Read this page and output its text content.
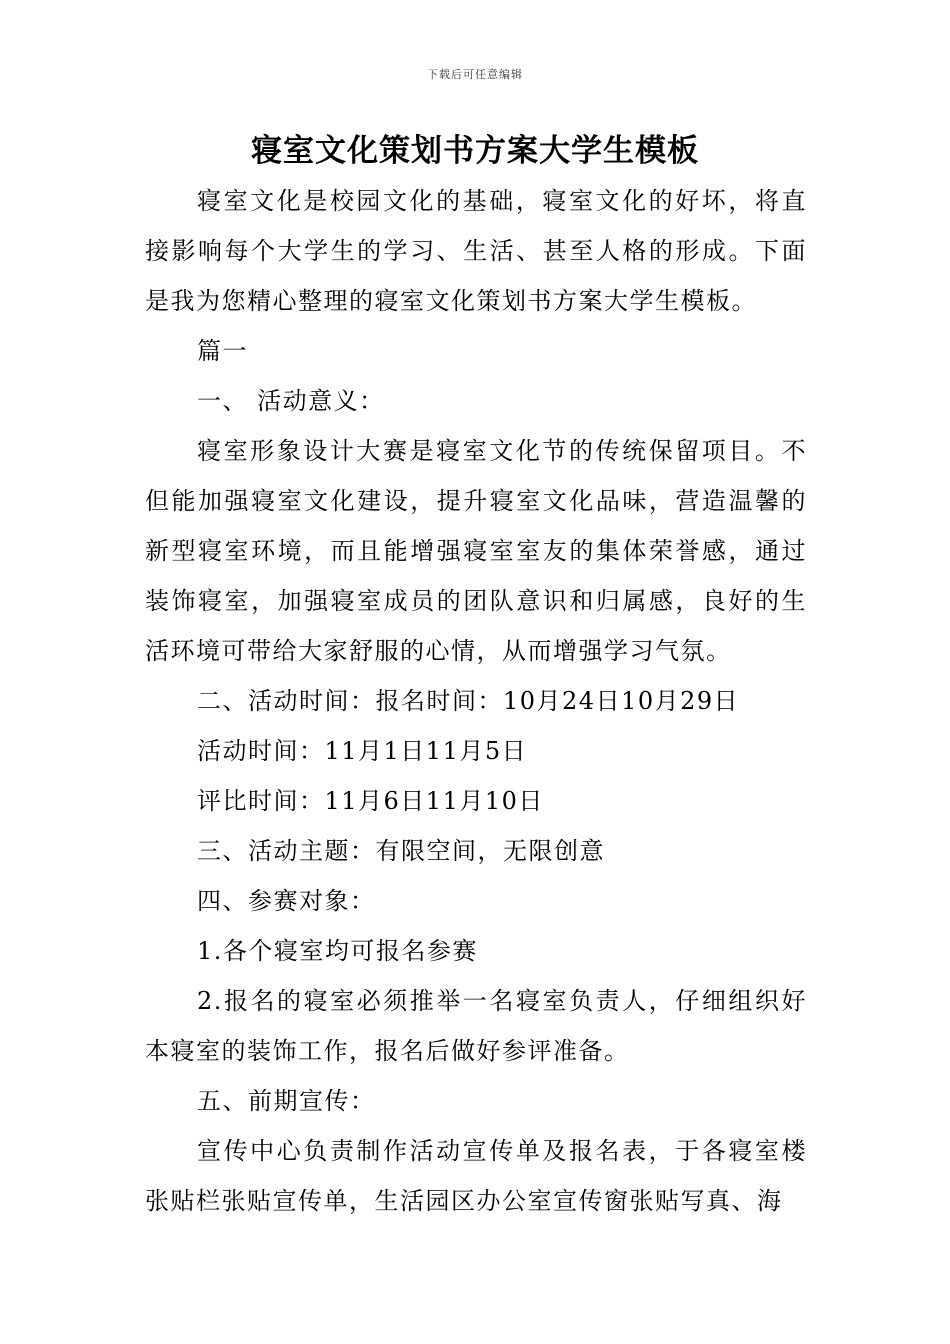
下载后可任意编辑
寝室文化策划书方案大学生模板

寝室文化是校园文化的基础，寝室文化的好坏，将直接影响每个大学生的学习、生活、甚至人格的形成。下面是我为您精心整理的寝室文化策划书方案大学生模板。

篇一

一、 活动意义：

寝室形象设计大赛是寝室文化节的传统保留项目。不但能加强寝室文化建设，提升寝室文化品味，营造温馨的新型寝室环境，而且能增强寝室室友的集体荣誉感，通过装饰寝室，加强寝室成员的团队意识和归属感，良好的生活环境可带给大家舒服的心情，从而增强学习气氛。

二、活动时间：报名时间：10月24日10月29日

活动时间：11月1日11月5日

评比时间：11月6日11月10日

三、活动主题：有限空间，无限创意

四、参赛对象：

1.各个寝室均可报名参赛

2.报名的寝室必须推举一名寝室负责人，仔细组织好本寝室的装饰工作，报名后做好参评准备。

五、前期宣传：

宣传中心负责制作活动宣传单及报名表，于各寝室楼张贴栏张贴宣传单，生活园区办公室宣传窗张贴写真、海
